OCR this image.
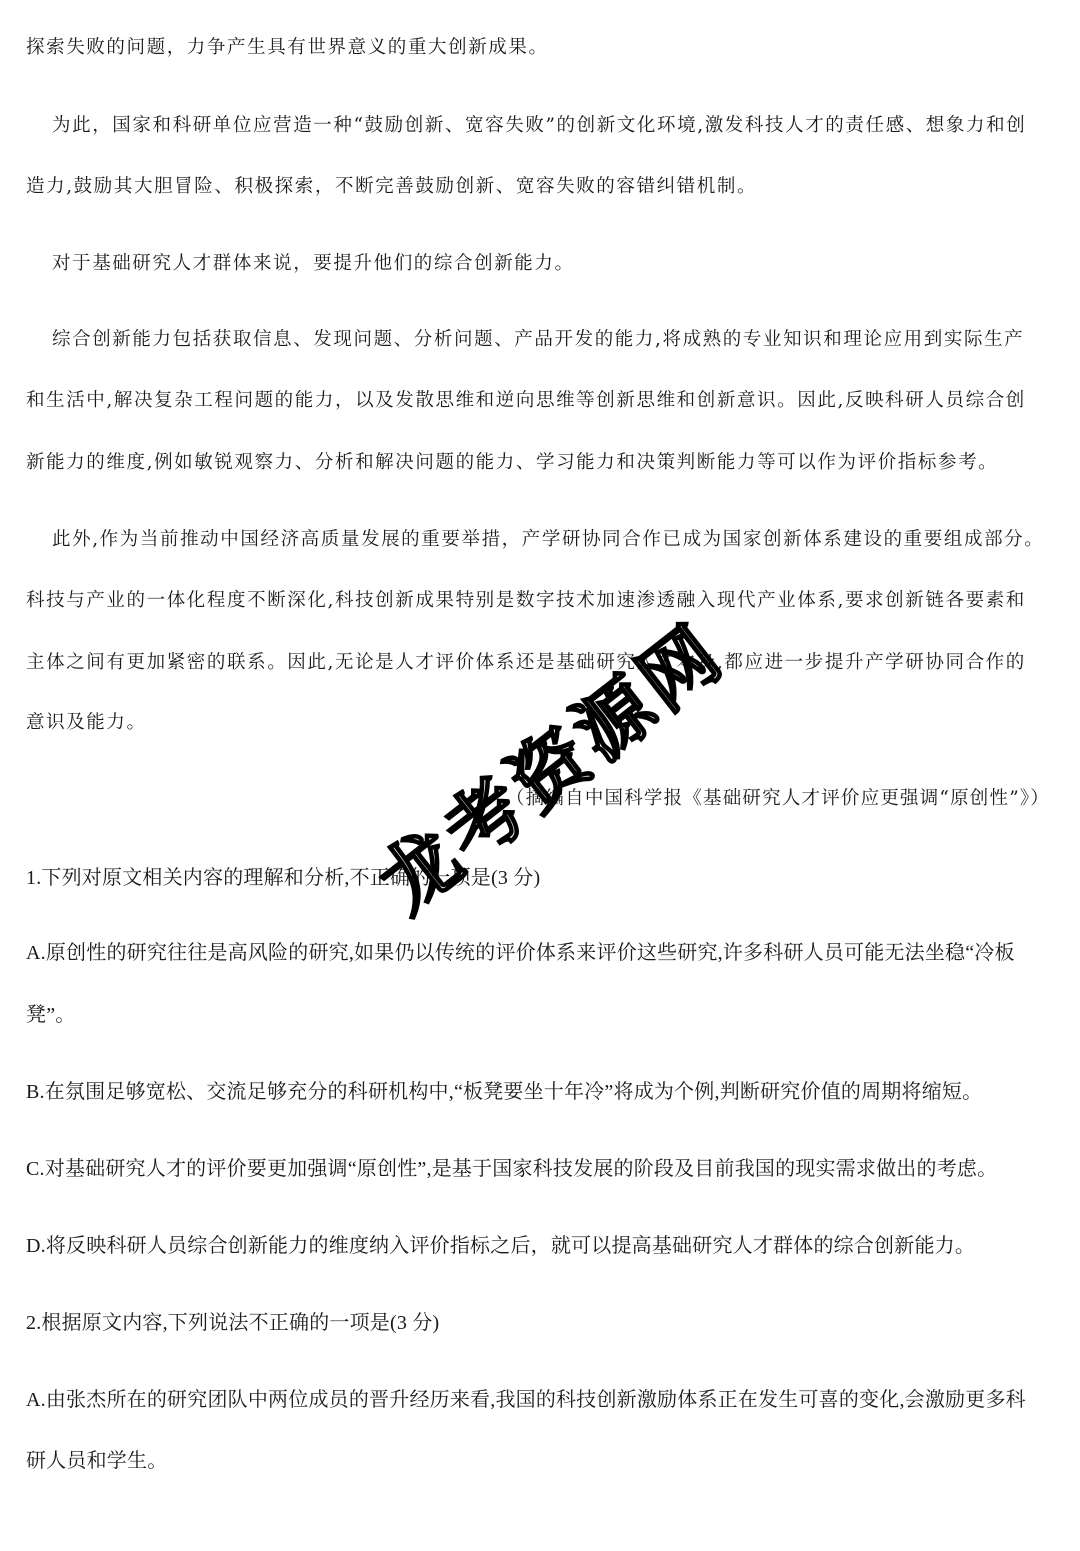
探索失败的问题，力争产生具有世界意义的重大创新成果。
为此，国家和科研单位应营造一种“鼓励创新、宽容失败”的创新文化环境,激发科技人才的责任感、想象力和创
造力,鼓励其大胆冒险、积极探索，不断完善鼓励创新、宽容失败的容错纠错机制。
对于基础研究人才群体来说，要提升他们的综合创新能力。
综合创新能力包括获取信息、发现问题、分析问题、产品开发的能力,将成熟的专业知识和理论应用到实际生产
和生活中,解决复杂工程问题的能力，以及发散思维和逆向思维等创新思维和创新意识。因此,反映科研人员综合创
新能力的维度,例如敏锐观察力、分析和解决问题的能力、学习能力和决策判断能力等可以作为评价指标参考。
此外,作为当前推动中国经济高质量发展的重要举措，产学研协同合作已成为国家创新体系建设的重要组成部分。
科技与产业的一体化程度不断深化,科技创新成果特别是数字技术加速渗透融入现代产业体系,要求创新链各要素和
主体之间有更加紧密的联系。因此,无论是人才评价体系还是基础研究人才本身,都应进一步提升产学研协同合作的
意识及能力。
（摘编自中国科学报《基础研究人才评价应更强调“原创性”》）
1.下列对原文相关内容的理解和分析,不正确的一项是(3 分)
A.原创性的研究往往是高风险的研究,如果仍以传统的评价体系来评价这些研究,许多科研人员可能无法坐稳“冷板
凳”。
B.在氛围足够宽松、交流足够充分的科研机构中,“板凳要坐十年冷”将成为个例,判断研究价值的周期将缩短。
C.对基础研究人才的评价要更加强调“原创性”,是基于国家科技发展的阶段及目前我国的现实需求做出的考虑。
D.将反映科研人员综合创新能力的维度纳入评价指标之后，就可以提高基础研究人才群体的综合创新能力。
2.根据原文内容,下列说法不正确的一项是(3 分)
A.由张杰所在的研究团队中两位成员的晋升经历来看,我国的科技创新激励体系正在发生可喜的变化,会激励更多科
研人员和学生。
龙
考
资
源
网
